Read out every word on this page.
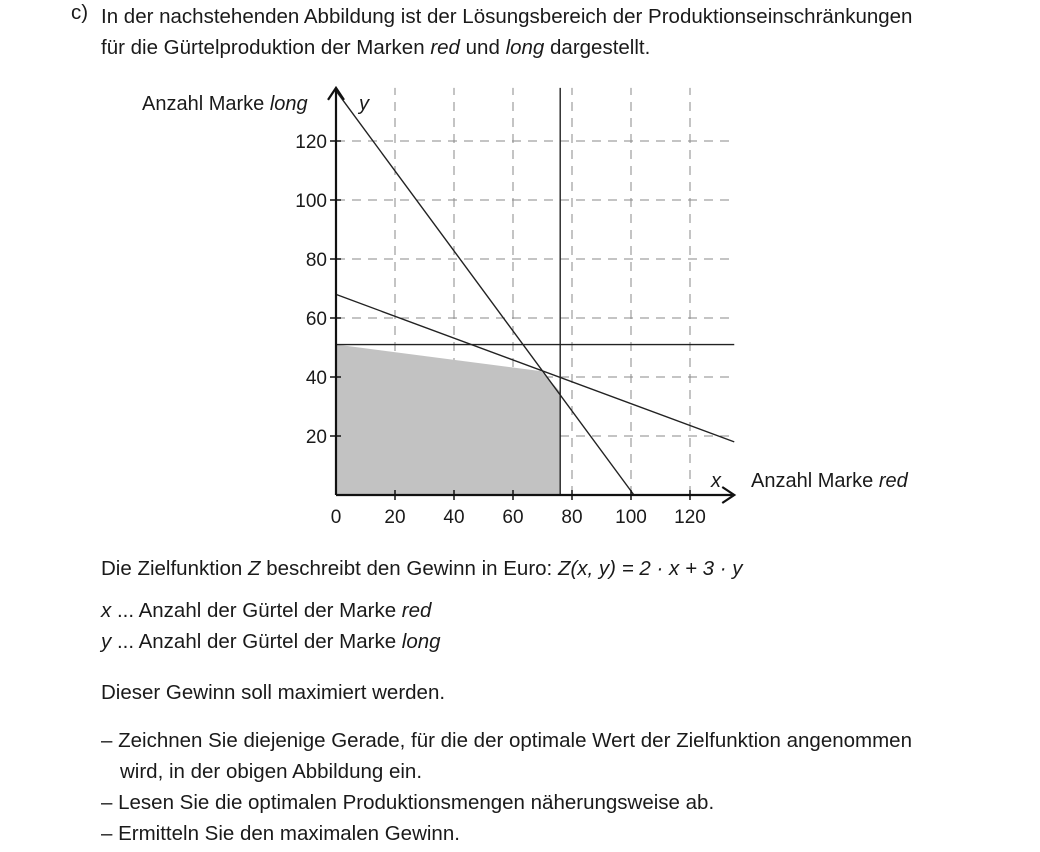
c) In der nachstehenden Abbildung ist der Lösungsbereich der Produktionseinschränkungen
für die Gürtelproduktion der Marken red und long dargestellt.
0 20 40 60 80 100 120
20
40
60
80
100
120
Anzahl Marke long	y
x Anzahl Marke red
Die Zielfunktion Z beschreibt den Gewinn in Euro: Z(x, y) = 2 · x + 3 · y
x ... Anzahl der Gürtel der Marke red
y ... Anzahl der Gürtel der Marke long
Dieser Gewinn soll maximiert werden.
– Zeichnen Sie diejenige Gerade, für die der optimale Wert der Zielfunktion angenommen
wird, in der obigen Abbildung ein.
– Lesen Sie die optimalen Produktionsmengen näherungsweise ab.
– Ermitteln Sie den maximalen Gewinn.
